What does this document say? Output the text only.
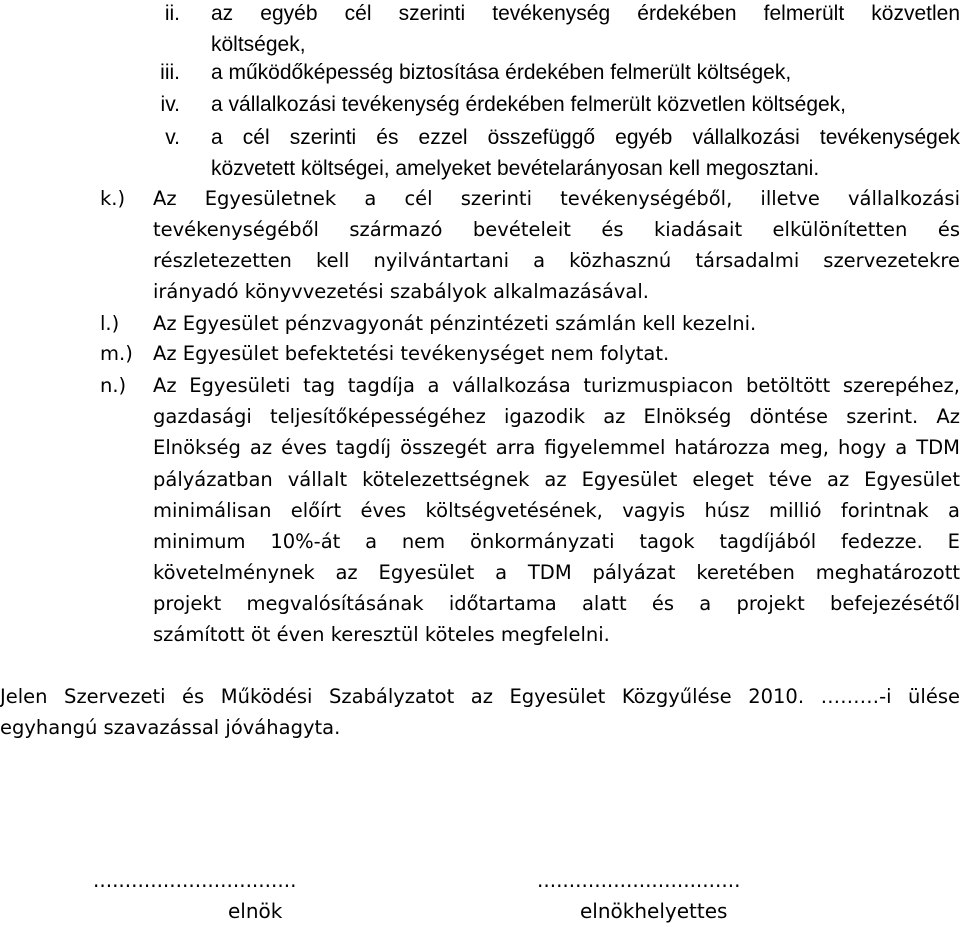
ii. az egyéb cél szerinti tevékenység érdekében felmerült közvetlen
költségek,
iii. a működőképesség biztosítása érdekében felmerült költségek,
iv. a vállalkozási tevékenység érdekében felmerült közvetlen költségek,
v. a cél szerinti és ezzel összefüggő egyéb vállalkozási tevékenységek
közvetett költségei, amelyeket bevételarányosan kell megosztani.
k.) Az Egyesületnek a cél szerinti tevékenységéből, illetve vállalkozási
tevékenységéből származó bevételeit és kiadásait elkülönítetten és
részletezetten kell nyilvántartani a közhasznú társadalmi szervezetekre
irányadó könyvvezetési szabályok alkalmazásával.
l.) Az Egyesület pénzvagyonát pénzintézeti számlán kell kezelni.
m.) Az Egyesület befektetési tevékenységet nem folytat.
n.) Az Egyesületi tag tagdíja a vállalkozása turizmuspiacon betöltött szerepéhez,
gazdasági teljesítőképességéhez igazodik az Elnökség döntése szerint. Az
Elnökség az éves tagdíj összegét arra figyelemmel határozza meg, hogy a TDM
pályázatban vállalt kötelezettségnek az Egyesület eleget téve az Egyesület
minimálisan előírt éves költségvetésének, vagyis húsz millió forintnak a
minimum 10%-át a nem önkormányzati tagok tagdíjából fedezze. E
követelménynek az Egyesület a TDM pályázat keretében meghatározott
projekt megvalósításának időtartama alatt és a projekt befejezésétől
számított öt éven keresztül köteles megfelelni.
Jelen Szervezeti és Működési Szabályzatot az Egyesület Közgyűlése 2010. ………-i ülése
egyhangú szavazással jóváhagyta.
................................	................................
elnök	elnökhelyettes
